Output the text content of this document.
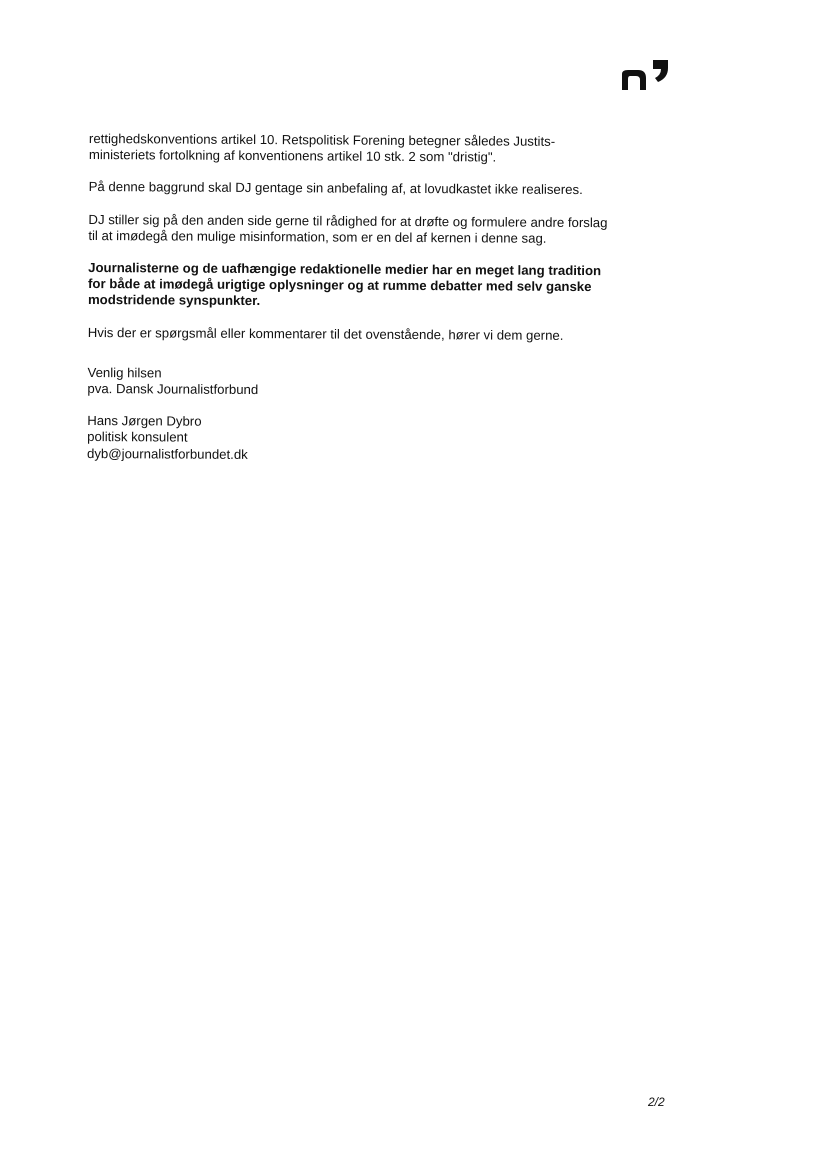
rettighedskonventions artikel 10. Retspolitisk Forening betegner således Justits-
ministeriets fortolkning af konventionens artikel 10 stk. 2 som "dristig".

På denne baggrund skal DJ gentage sin anbefaling af, at lovudkastet ikke realiseres.

DJ stiller sig på den anden side gerne til rådighed for at drøfte og formulere andre forslag
til at imødegå den mulige misinformation, som er en del af kernen i denne sag.

Journalisterne og de uafhængige redaktionelle medier har en meget lang tradition
for både at imødegå urigtige oplysninger og at rumme debatter med selv ganske
modstridende synspunkter.

Hvis der er spørgsmål eller kommentarer til det ovenstående, hører vi dem gerne.

Venlig hilsen
pva. Dansk Journalistforbund

Hans Jørgen Dybro
politisk konsulent
dyb@journalistforbundet.dk

2/2
